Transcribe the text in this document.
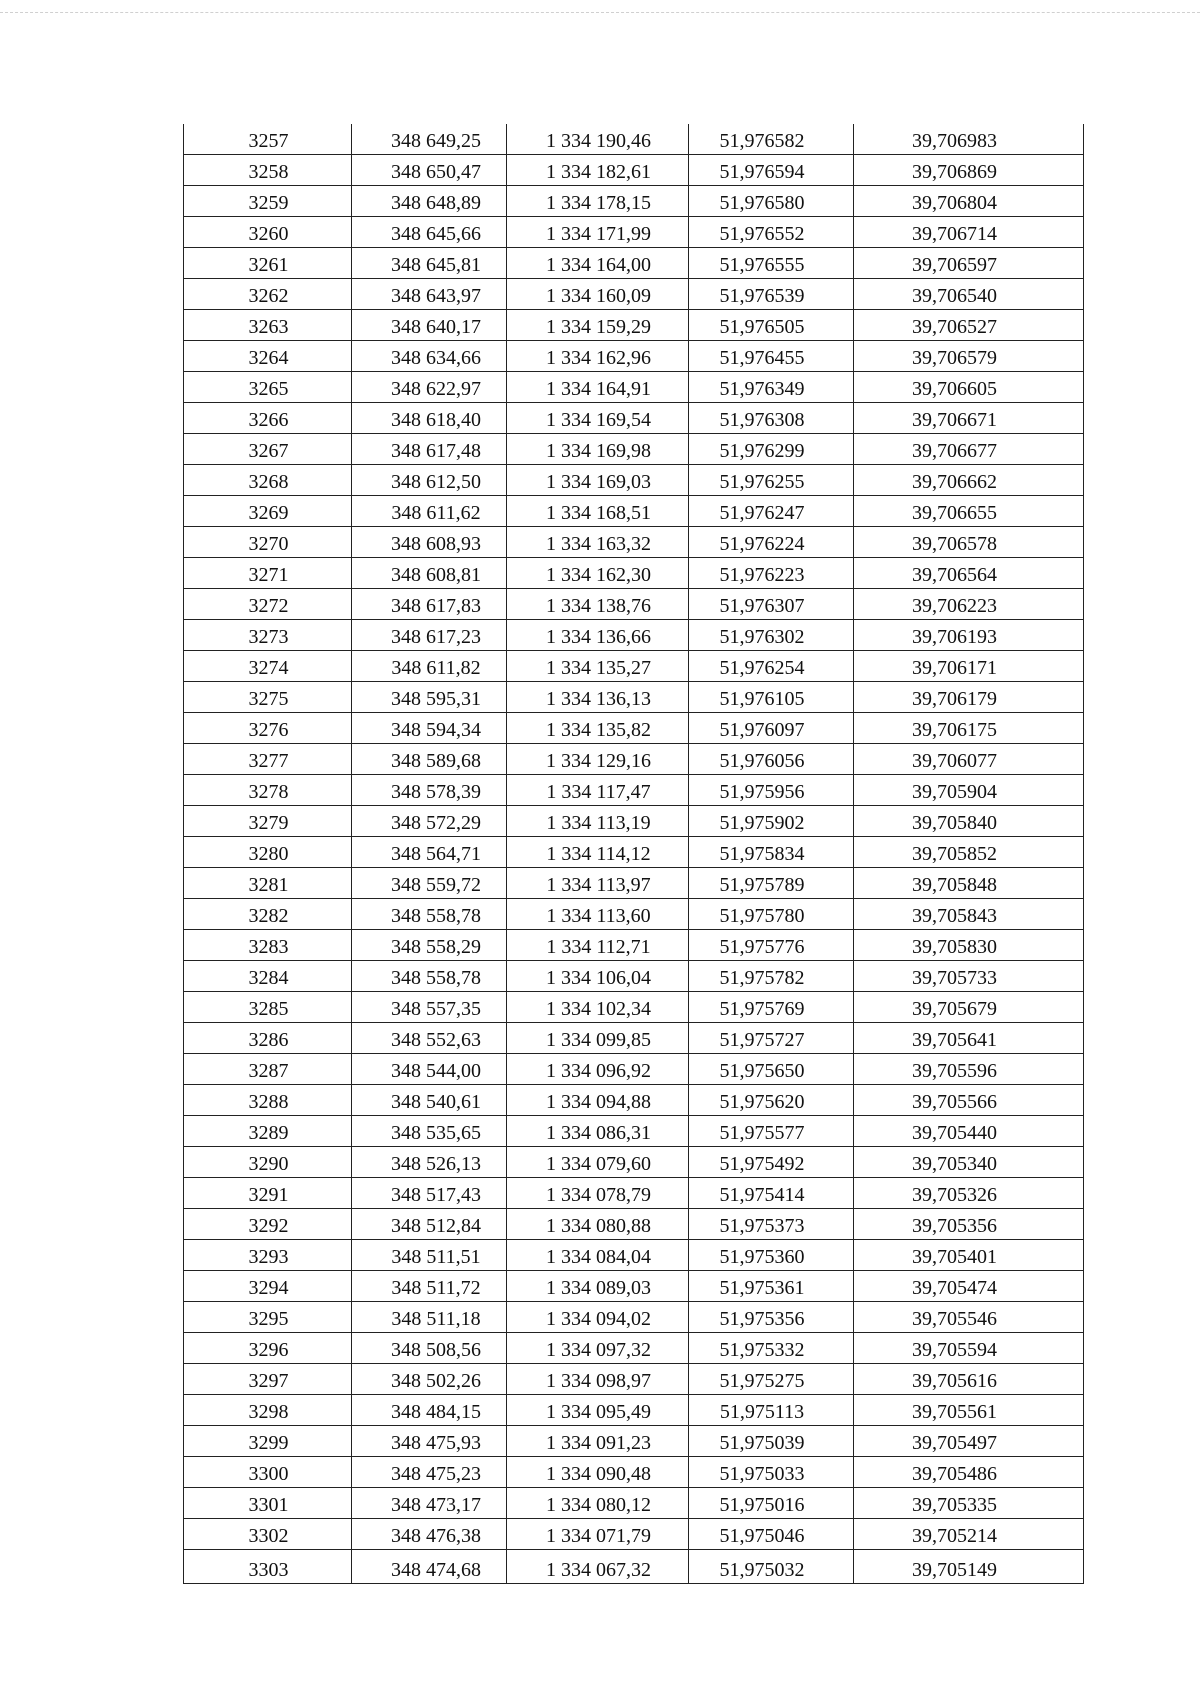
3257	348 649,25	1 334 190,46	51,976582	39,706983
3258	348 650,47	1 334 182,61	51,976594	39,706869
3259	348 648,89	1 334 178,15	51,976580	39,706804
3260	348 645,66	1 334 171,99	51,976552	39,706714
3261	348 645,81	1 334 164,00	51,976555	39,706597
3262	348 643,97	1 334 160,09	51,976539	39,706540
3263	348 640,17	1 334 159,29	51,976505	39,706527
3264	348 634,66	1 334 162,96	51,976455	39,706579
3265	348 622,97	1 334 164,91	51,976349	39,706605
3266	348 618,40	1 334 169,54	51,976308	39,706671
3267	348 617,48	1 334 169,98	51,976299	39,706677
3268	348 612,50	1 334 169,03	51,976255	39,706662
3269	348 611,62	1 334 168,51	51,976247	39,706655
3270	348 608,93	1 334 163,32	51,976224	39,706578
3271	348 608,81	1 334 162,30	51,976223	39,706564
3272	348 617,83	1 334 138,76	51,976307	39,706223
3273	348 617,23	1 334 136,66	51,976302	39,706193
3274	348 611,82	1 334 135,27	51,976254	39,706171
3275	348 595,31	1 334 136,13	51,976105	39,706179
3276	348 594,34	1 334 135,82	51,976097	39,706175
3277	348 589,68	1 334 129,16	51,976056	39,706077
3278	348 578,39	1 334 117,47	51,975956	39,705904
3279	348 572,29	1 334 113,19	51,975902	39,705840
3280	348 564,71	1 334 114,12	51,975834	39,705852
3281	348 559,72	1 334 113,97	51,975789	39,705848
3282	348 558,78	1 334 113,60	51,975780	39,705843
3283	348 558,29	1 334 112,71	51,975776	39,705830
3284	348 558,78	1 334 106,04	51,975782	39,705733
3285	348 557,35	1 334 102,34	51,975769	39,705679
3286	348 552,63	1 334 099,85	51,975727	39,705641
3287	348 544,00	1 334 096,92	51,975650	39,705596
3288	348 540,61	1 334 094,88	51,975620	39,705566
3289	348 535,65	1 334 086,31	51,975577	39,705440
3290	348 526,13	1 334 079,60	51,975492	39,705340
3291	348 517,43	1 334 078,79	51,975414	39,705326
3292	348 512,84	1 334 080,88	51,975373	39,705356
3293	348 511,51	1 334 084,04	51,975360	39,705401
3294	348 511,72	1 334 089,03	51,975361	39,705474
3295	348 511,18	1 334 094,02	51,975356	39,705546
3296	348 508,56	1 334 097,32	51,975332	39,705594
3297	348 502,26	1 334 098,97	51,975275	39,705616
3298	348 484,15	1 334 095,49	51,975113	39,705561
3299	348 475,93	1 334 091,23	51,975039	39,705497
3300	348 475,23	1 334 090,48	51,975033	39,705486
3301	348 473,17	1 334 080,12	51,975016	39,705335
3302	348 476,38	1 334 071,79	51,975046	39,705214
3303	348 474,68	1 334 067,32	51,975032	39,705149
